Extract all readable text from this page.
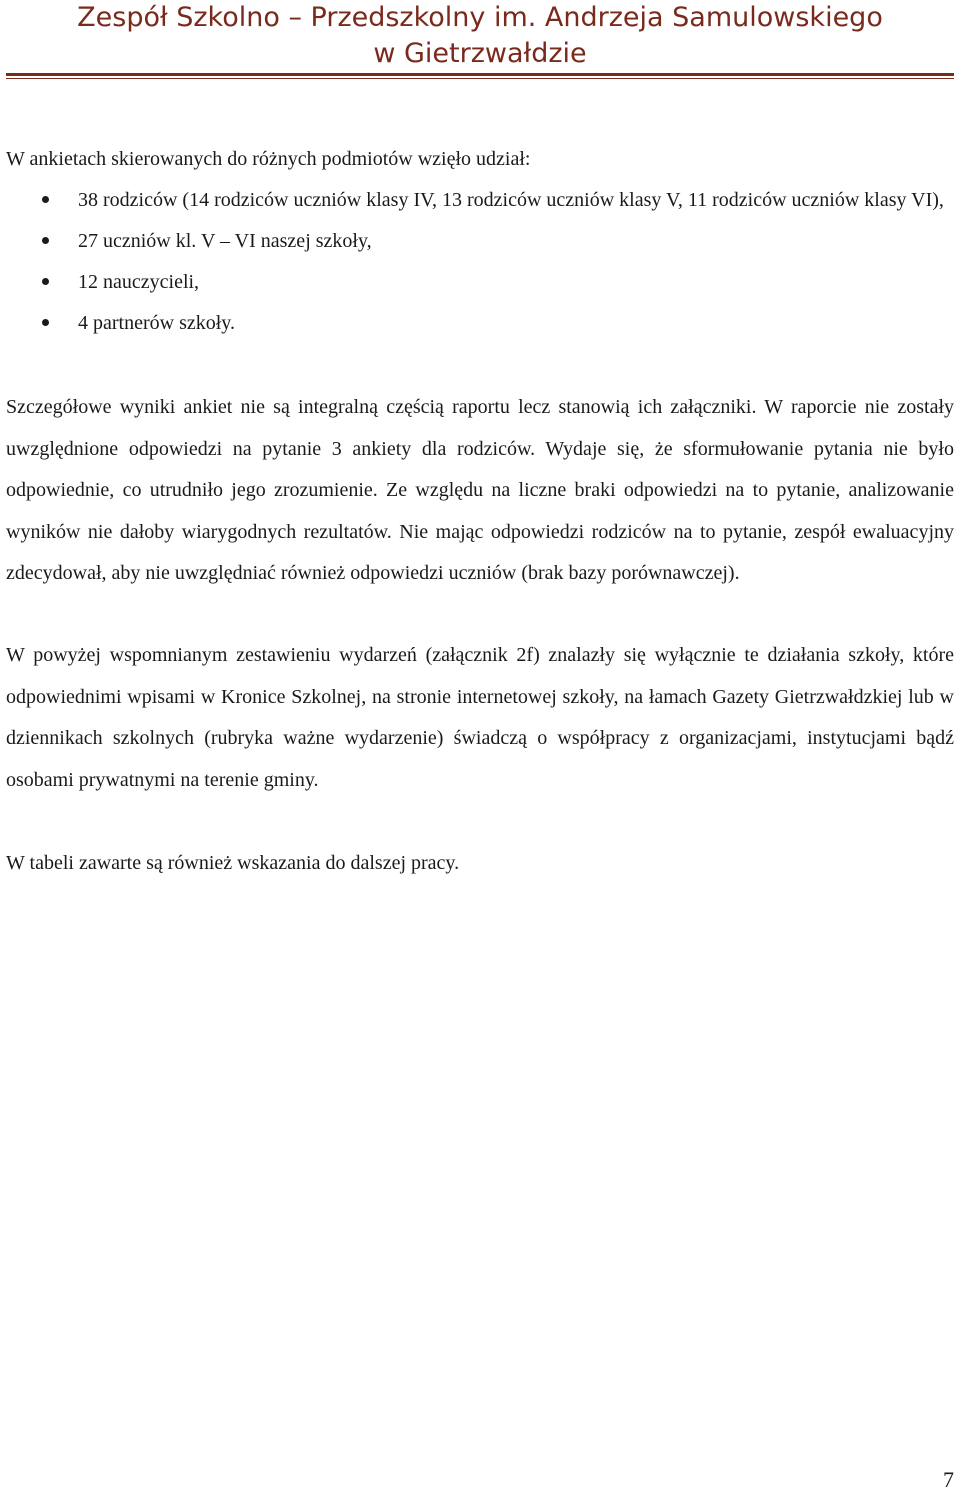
Zespół Szkolno – Przedszkolny im. Andrzeja Samulowskiego
w Gietrzwałdzie

W ankietach skierowanych do różnych podmiotów wzięło udział:

38 rodziców (14 rodziców uczniów klasy IV, 13 rodziców uczniów klasy V, 11 rodziców uczniów klasy VI),
27 uczniów kl. V – VI naszej szkoły,
12 nauczycieli,
4 partnerów szkoły.

Szczegółowe wyniki ankiet nie są integralną częścią raportu lecz stanowią ich załączniki. W raporcie nie zostały uwzględnione odpowiedzi na pytanie 3 ankiety dla rodziców. Wydaje się, że sformułowanie pytania nie było odpowiednie, co utrudniło jego zrozumienie. Ze względu na liczne braki odpowiedzi na to pytanie, analizowanie wyników nie dałoby wiarygodnych rezultatów. Nie mając odpowiedzi rodziców na to pytanie, zespół ewaluacyjny zdecydował, aby nie uwzględniać również odpowiedzi uczniów (brak bazy porównawczej).

W powyżej wspomnianym zestawieniu wydarzeń (załącznik 2f) znalazły się wyłącznie te działania szkoły, które odpowiednimi wpisami w Kronice Szkolnej, na stronie internetowej szkoły, na łamach Gazety Gietrzwałdzkiej lub w dziennikach szkolnych (rubryka ważne wydarzenie) świadczą o współpracy z organizacjami, instytucjami bądź osobami prywatnymi na terenie gminy.

W tabeli zawarte są również wskazania do dalszej pracy.

7
